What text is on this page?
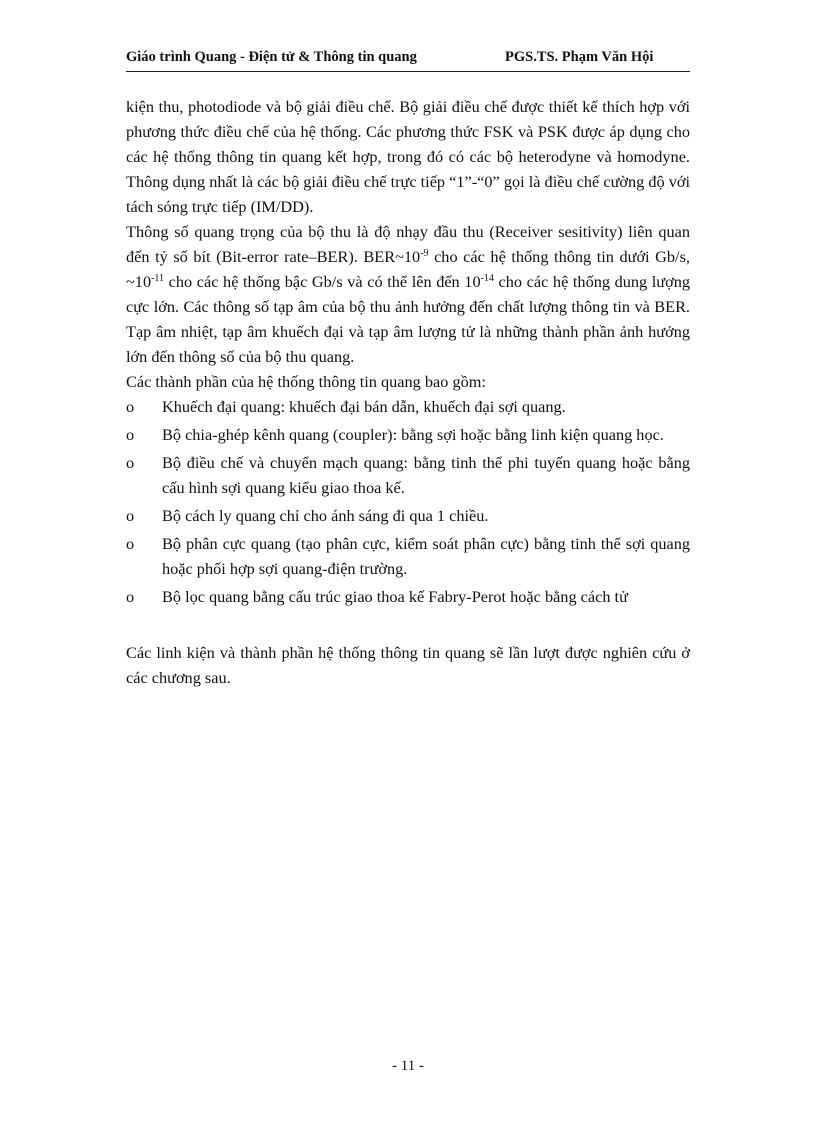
Giáo trình Quang - Điện tử & Thông tin quang	PGS.TS. Phạm Văn Hội

kiện thu, photodiode và bộ giải điều chế. Bộ giải điều chế được thiết kế thích hợp với phương thức điều chế của hệ thống. Các phương thức FSK và PSK được áp dụng cho các hệ thống thông tin quang kết hợp, trong đó có các bộ heterodyne và homodyne. Thông dụng nhất là các bộ giải điều chế trực tiếp “1”-“0” gọi là điều chế cường độ với tách sóng trực tiếp (IM/DD).

Thông số quang trọng của bộ thu là độ nhạy đầu thu (Receiver sesitivity) liên quan đến tỷ số bít (Bit-error rate–BER). $BER\sim 10^{-9}$ cho các hệ thống thông tin dưới Gb/s, $\sim 10^{-11}$ cho các hệ thống bậc Gb/s và có thể lên đến $10^{-14}$ cho các hệ thống dung lượng cực lớn. Các thông số tạp âm của bộ thu ảnh hưởng đến chất lượng thông tin và BER. Tạp âm nhiệt, tạp âm khuếch đại và tạp âm lượng tử là những thành phần ảnh hưởng lớn đến thông số của bộ thu quang.

Các thành phần của hệ thống thông tin quang bao gồm:

o Khuếch đại quang: khuếch đại bán dẫn, khuếch đại sợi quang.
o Bộ chia-ghép kênh quang (coupler): bằng sợi hoặc bằng linh kiện quang học.
o Bộ điều chế và chuyển mạch quang: bằng tinh thể phi tuyến quang hoặc bằng cấu hình sợi quang kiểu giao thoa kế.
o Bộ cách ly quang chỉ cho ánh sáng đi qua 1 chiều.
o Bộ phân cực quang (tạo phân cực, kiểm soát phân cực) bằng tinh thể sợi quang hoặc phối hợp sợi quang-điện trường.
o Bộ lọc quang bằng cấu trúc giao thoa kế Fabry-Perot hoặc bằng cách tử

Các linh kiện và thành phần hệ thống thông tin quang sẽ lần lượt được nghiên cứu ở các chương sau.

- 11 -
